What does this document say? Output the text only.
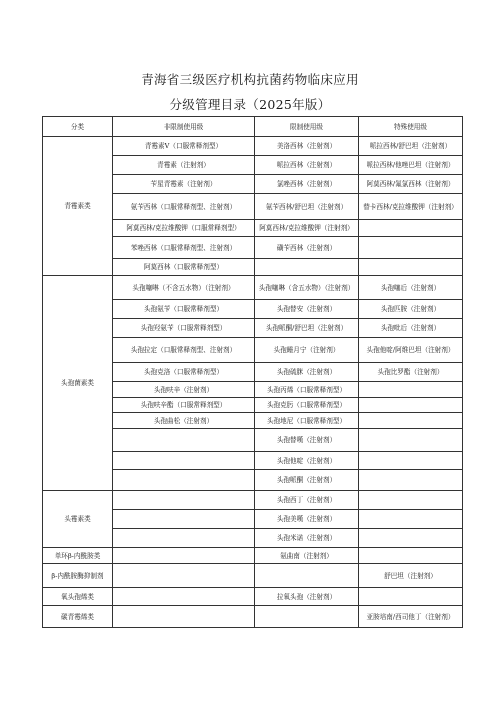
青海省三级医疗机构抗菌药物临床应用
分级管理目录（2025年版）
分类	非限制使用级	限制使用级	特殊使用级
青霉素类	青霉素V（口服常释剂型）	美洛西林（注射剂）	哌拉西林/舒巴坦（注射剂）
	青霉素（注射剂）	哌拉西林（注射剂）	哌拉西林/他唑巴坦（注射剂）
	苄星青霉素（注射剂）	氯唑西林（注射剂）	阿莫西林/氟氯西林（注射剂）
	氨苄西林（口服常释剂型、注射剂）	氨苄西林/舒巴坦（注射剂）	替卡西林/克拉维酸钾（注射剂）
	阿莫西林/克拉维酸钾（口服常释剂型）	阿莫西林/克拉维酸钾（注射剂）	
	苯唑西林（口服常释剂型、注射剂）	磺苄西林（注射剂）	
	阿莫西林（口服常释剂型）		
头孢菌素类	头孢噻啉（不含五水物）（注射剂）	头孢噻啉（含五水物）（注射剂）	头孢噻后（注射剂）
	头孢氨苄（口服常释剂型）	头孢替安（注射剂）	头孢匹胺（注射剂）
	头孢羟氨苄（口服常释剂型）	头孢哌酮/舒巴坦（注射剂）	头孢吡后（注射剂）
	头孢拉定（口服常释剂型、注射剂）	头孢睡月宁（注射剂）	头孢他啶/阿维巴坦（注射剂）
	头孢克洛（口服常释剂型）	头孢硫脒（注射剂）	头孢比罗酯（注射剂）
	头孢呋辛（注射剂）	头孢丙烯（口服常释剂型）	
	头孢呋辛酯（口服常释剂型）	头孢克肟（口服常释剂型）	
	头孢曲松（注射剂）	头孢地尼（口服常释剂型）	
		头孢替嘆（注射剂）	
		头孢他啶（注射剂）	
		头孢哌酮（注射剂）	
头霉素类		头孢西丁（注射剂）	
		头孢美嘆（注射剂）	
		头孢米诺（注射剂）	
单环β-内酰胺类		氨曲南（注射剂）	
β-内酰胺酶抑制剂			舒巴坦（注射剂）
氧头孢烯类		拉氧头孢（注射剂）	
碳青霉烯类			亚胺培南/西司他丁（注射剂）
